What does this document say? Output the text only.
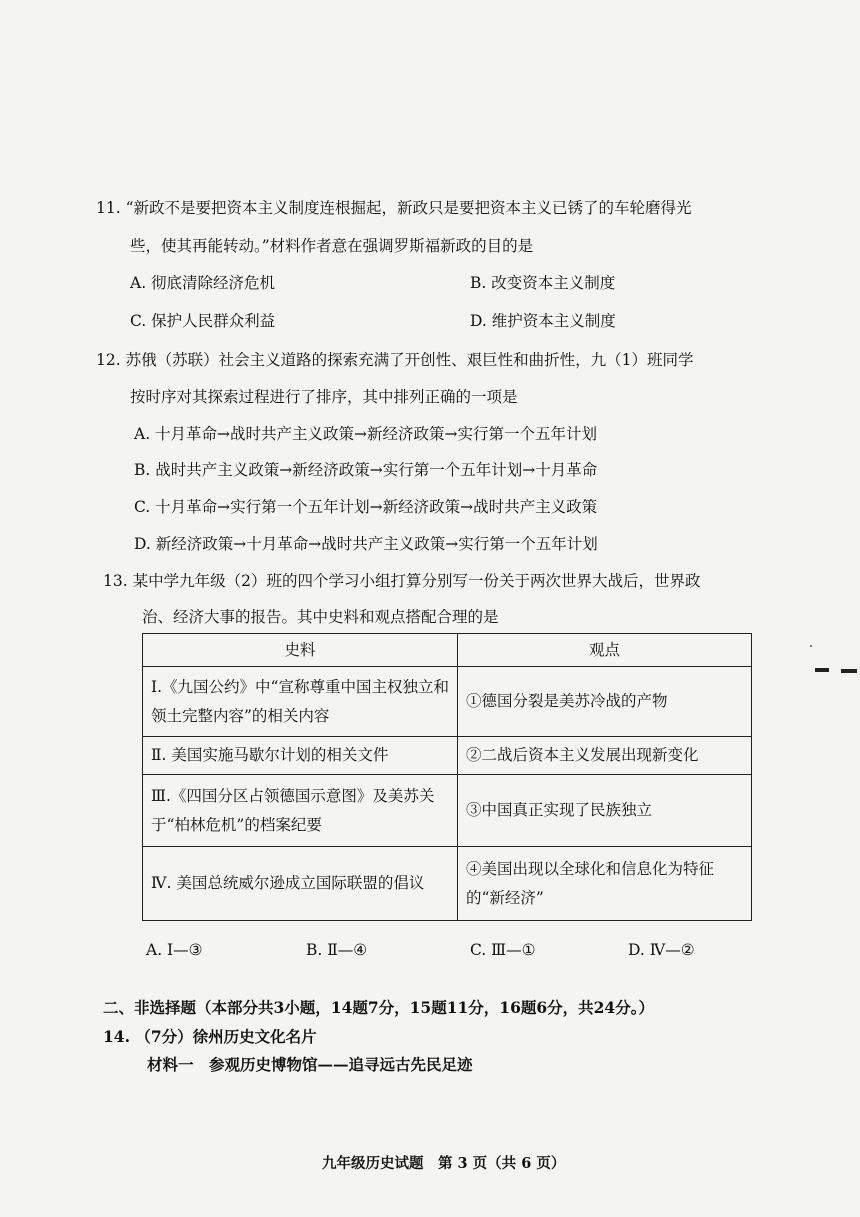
11. “新政不是要把资本主义制度连根掘起，新政只是要把资本主义已锈了的车轮磨得光
些，使其再能转动。”材料作者意在强调罗斯福新政的目的是
A. 彻底清除经济危机	B. 改变资本主义制度
C. 保护人民群众利益	D. 维护资本主义制度
12. 苏俄（苏联）社会主义道路的探索充满了开创性、艰巨性和曲折性，九（1）班同学
按时序对其探索过程进行了排序，其中排列正确的一项是
A. 十月革命→战时共产主义政策→新经济政策→实行第一个五年计划
B. 战时共产主义政策→新经济政策→实行第一个五年计划→十月革命
C. 十月革命→实行第一个五年计划→新经济政策→战时共产主义政策
D. 新经济政策→十月革命→战时共产主义政策→实行第一个五年计划
13. 某中学九年级（2）班的四个学习小组打算分别写一份关于两次世界大战后，世界政
治、经济大事的报告。其中史料和观点搭配合理的是
史料	观点
Ⅰ.《九国公约》中“宣称尊重中国主权独立和领土完整内容”的相关内容	①德国分裂是美苏冷战的产物
Ⅱ. 美国实施马歇尔计划的相关文件	②二战后资本主义发展出现新变化
Ⅲ.《四国分区占领德国示意图》及美苏关于“柏林危机”的档案纪要	③中国真正实现了民族独立
Ⅳ. 美国总统威尔逊成立国际联盟的倡议	④美国出现以全球化和信息化为特征的“新经济”
A. Ⅰ—③	B. Ⅱ—④	C. Ⅲ—①	D. Ⅳ—②
二、非选择题（本部分共3小题，14题7分，15题11分，16题6分，共24分。）
14. （7分）徐州历史文化名片
材料一　参观历史博物馆——追寻远古先民足迹
九年级历史试题　第 3 页（共 6 页）
